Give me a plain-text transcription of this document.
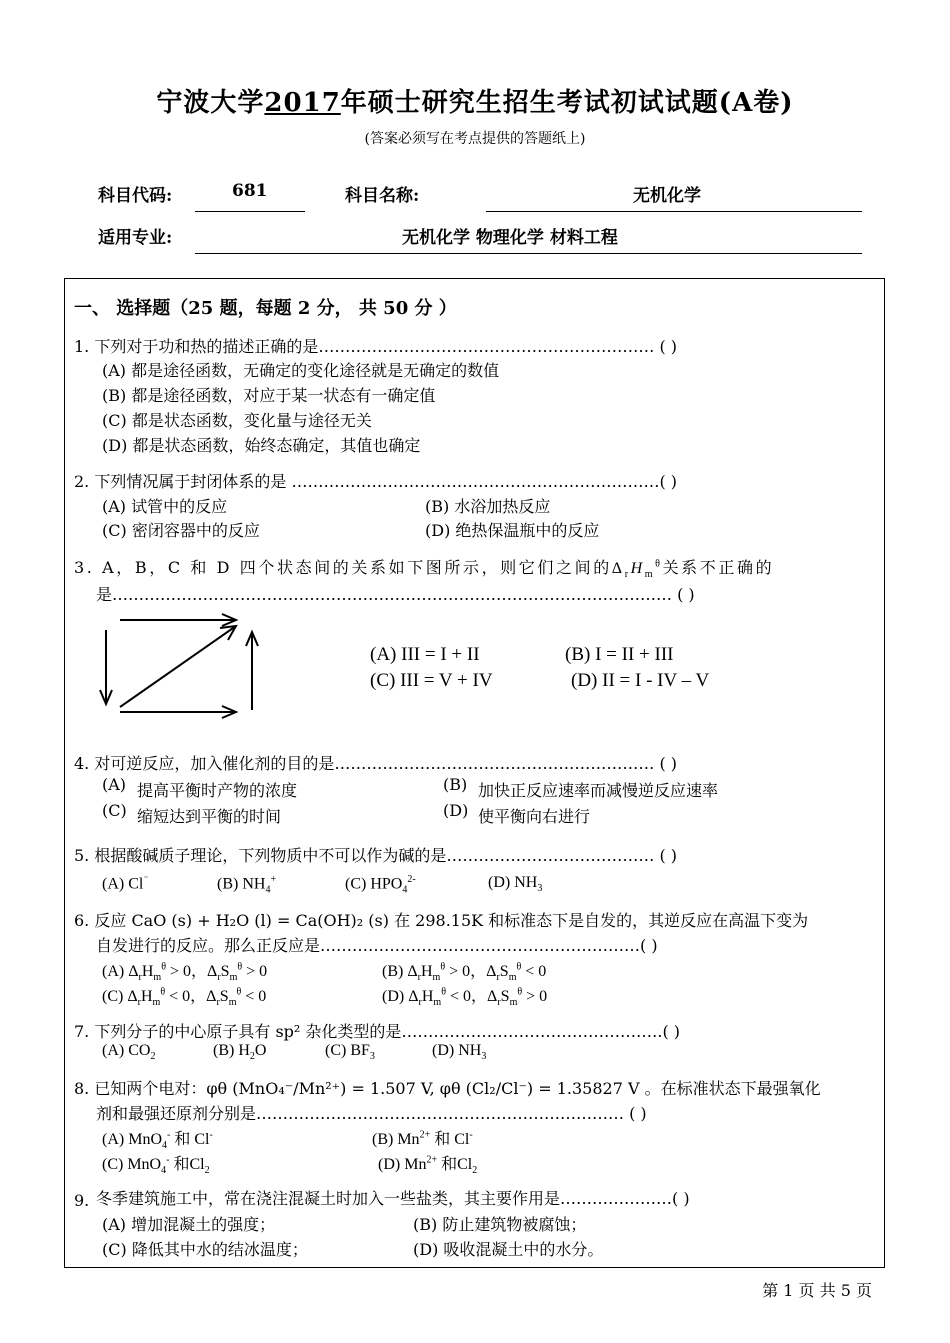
宁波大学2017年硕士研究生招生考试初试试题(A卷)
(答案必须写在考点提供的答题纸上)
科目代码:	681	科目名称:	无机化学
适用专业:	无机化学 物理化学 材料工程
一、 选择题（25 题，每题 2 分， 共 50 分 ）
1. 下列对于功和热的描述正确的是……………………………………………………… ( )
(A) 都是途径函数，无确定的变化途径就是无确定的数值
(B) 都是途径函数，对应于某一状态有一确定值
(C) 都是状态函数，变化量与途径无关
(D) 都是状态函数，始终态确定，其值也确定
2. 下列情况属于封闭体系的是 ……………………………………………………………( )
(A) 试管中的反应	(B) 水浴加热反应
(C) 密闭容器中的反应	(D) 绝热保温瓶中的反应
3. A，B，C 和 D 四个状态间的关系如下图所示，则它们之间的$\Delta_rH_m^\theta$关系不正确的
是…………………………………………………………………………………………… ( )
(A) III = I + II	(B) I = II + III
(C) III = V + IV	(D) II = I - IV – V
4. 对可逆反应，加入催化剂的目的是…………………………………………………… ( )
(A) 提高平衡时产物的浓度	(B) 加快正反应速率而减慢逆反应速率
(C) 缩短达到平衡的时间	(D) 使平衡向右进行
5. 根据酸碱质子理论，下列物质中不可以作为碱的是………………………………… ( )
(A) Cl⁻	(B) $NH_4^+$	(C) $HPO_4^{2-}$	(D) $NH_3$
6. 反应 CaO (s) + H₂O (l) = Ca(OH)₂ (s) 在 298.15K 和标准态下是自发的，其逆反应在高温下变为
自发进行的反应。那么正反应是……………………………………………………( )
(A) $\Delta_rH_m^\theta > 0$，$\Delta_rS_m^\theta > 0$	(B) $\Delta_rH_m^\theta > 0$，$\Delta_rS_m^\theta < 0$
(C) $\Delta_rH_m^\theta < 0$，$\Delta_rS_m^\theta < 0$	(D) $\Delta_rH_m^\theta < 0$，$\Delta_rS_m^\theta > 0$
7. 下列分子的中心原子具有 sp² 杂化类型的是………………………………………….( )
(A) $CO_2$	(B) $H_2O$	(C) $BF_3$	(D) $NH_3$
8. 已知两个电对：φθ (MnO₄⁻/Mn²⁺) = 1.507 V, φθ (Cl₂/Cl⁻) = 1.35827 V 。在标准状态下最强氧化
剂和最强还原剂分别是…………………………………………………………… ( )
(A) MnO$_4$- 和 Cl-	(B) $Mn^{2+}$ 和 Cl-
(C) MnO$_4$- 和$Cl_2$	(D) $Mn^{2+}$ 和$Cl_2$
9. 冬季建筑施工中，常在浇注混凝土时加入一些盐类，其主要作用是…………………( )
(A) 增加混凝土的强度；	(B) 防止建筑物被腐蚀；
(C) 降低其中水的结冰温度；	(D) 吸收混凝土中的水分。
第 1 页 共 5 页
